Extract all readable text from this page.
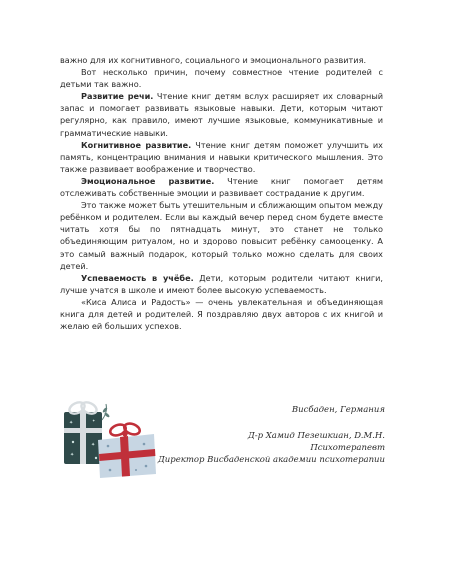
важно для их когнитивного, социального и эмоционального развития.

Вот несколько причин, почему совместное чтение родителей с детьми так важно.

Развитие речи. Чтение книг детям вслух расширяет их словарный запас и помогает развивать языковые навыки. Дети, которым читают регулярно, как правило, имеют лучшие языковые, коммуникативные и грамматические навыки.

Когнитивное развитие. Чтение книг детям поможет улучшить их память, концентрацию внимания и навыки критического мышления. Это также развивает воображение и творчество.

Эмоциональное развитие. Чтение книг помогает детям отслеживать собственные эмоции и развивает сострадание к другим.

Это также может быть утешительным и сближающим опытом между ребёнком и родителем. Если вы каждый вечер перед сном будете вместе читать хотя бы по пятнадцать минут, это станет не только объединяющим ритуалом, но и здорово повысит ребёнку самооценку. А это самый важный подарок, который только можно сделать для своих детей.

Успеваемость в учёбе. Дети, которым родители читают книги, лучше учатся в школе и имеют более высокую успеваемость.

«Киса Алиса и Радость» — очень увлекательная и объединяющая книга для детей и родителей. Я поздравляю двух авторов с их книгой и желаю ей больших успехов.

Висбаден, Германия
Д-р Хамид Пезешкиан, D.M.H.
Психотерапевт
Директор Висбаденской академии психотерапии
✦
✦
✦
✦
